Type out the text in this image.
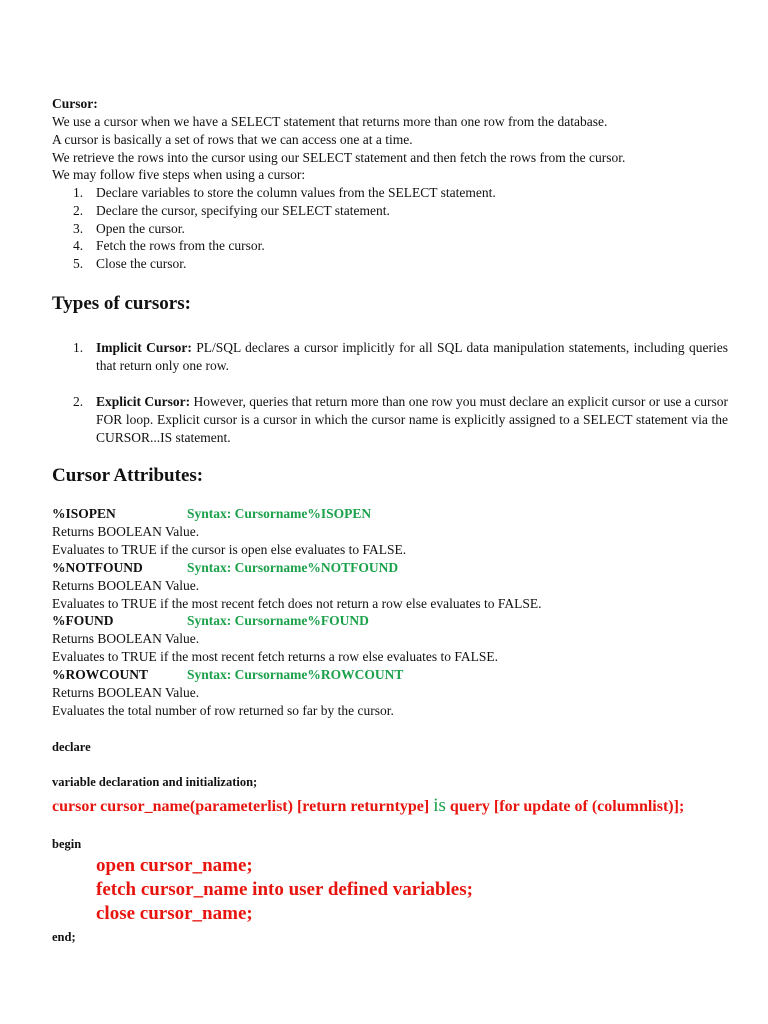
Cursor:
We use a cursor when we have a SELECT statement that returns more than one row from the database.
A cursor is basically a set of rows that we can access one at a time.
We retrieve the rows into the cursor using our SELECT statement and then fetch the rows from the cursor.
We may follow five steps when using a cursor:
1. Declare variables to store the column values from the SELECT statement.
2. Declare the cursor, specifying our SELECT statement.
3. Open the cursor.
4. Fetch the rows from the cursor.
5. Close the cursor.
Types of cursors:
1. Implicit Cursor: PL/SQL declares a cursor implicitly for all SQL data manipulation statements, including queries that return only one row.
2. Explicit Cursor: However, queries that return more than one row you must declare an explicit cursor or use a cursor FOR loop. Explicit cursor is a cursor in which the cursor name is explicitly assigned to a SELECT statement via the CURSOR...IS statement.
Cursor Attributes:
%ISOPEN	Syntax: Cursorname%ISOPEN
Returns BOOLEAN Value.
Evaluates to TRUE if the cursor is open else evaluates to FALSE.
%NOTFOUND	Syntax: Cursorname%NOTFOUND
Returns BOOLEAN Value.
Evaluates to TRUE if the most recent fetch does not return a row else evaluates to FALSE.
%FOUND	Syntax: Cursorname%FOUND
Returns BOOLEAN Value.
Evaluates to TRUE if the most recent fetch returns a row else evaluates to FALSE.
%ROWCOUNT	Syntax: Cursorname%ROWCOUNT
Returns BOOLEAN Value.
Evaluates the total number of row returned so far by the cursor.
declare
variable declaration and initialization;
cursor cursor_name(parameterlist) [return returntype] is query [for update of (columnlist)];
begin
open cursor_name;
fetch cursor_name into user defined variables;
close cursor_name;
end;
